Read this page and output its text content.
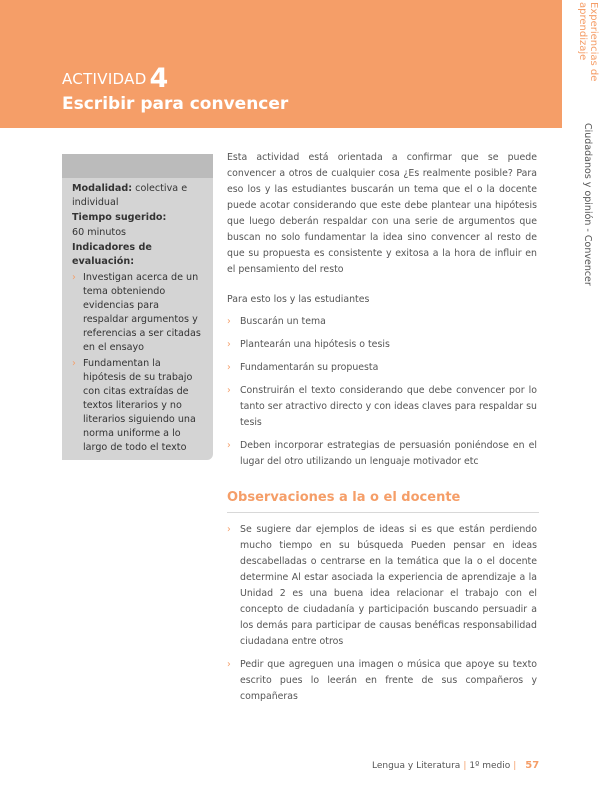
ACTIVIDAD 4
Escribir para convencer
Experiencias de aprendizaje
Ciudadanos y opinión - Convencer
Modalidad: colectiva e individual
Tiempo sugerido:
60 minutos
Indicadores de evaluación:
› Investigan acerca de un tema obteniendo evidencias para respaldar argumentos y referencias a ser citadas en el ensayo
› Fundamentan la hipótesis de su trabajo con citas extraídas de textos literarios y no literarios siguiendo una norma uniforme a lo largo de todo el texto

Esta actividad está orientada a confirmar que se puede convencer a otros de cualquier cosa ¿Es realmente posible? Para eso los y las estudiantes buscarán un tema que el o la docente puede acotar considerando que este debe plantear una hipótesis que luego deberán respaldar con una serie de argumentos que buscan no solo fundamentar la idea sino convencer al resto de que su propuesta es consistente y exitosa a la hora de influir en el pensamiento del resto

Para esto los y las estudiantes

› Buscarán un tema
› Plantearán una hipótesis o tesis
› Fundamentarán su propuesta
› Construirán el texto considerando que debe convencer por lo tanto ser atractivo directo y con ideas claves para respaldar su tesis
› Deben incorporar estrategias de persuasión poniéndose en el lugar del otro utilizando un lenguaje motivador etc
Observaciones a la o el docente
› Se sugiere dar ejemplos de ideas si es que están perdiendo mucho tiempo en su búsqueda Pueden pensar en ideas descabelladas o centrarse en la temática que la o el docente determine Al estar asociada la experiencia de aprendizaje a la Unidad 2 es una buena idea relacionar el trabajo con el concepto de ciudadanía y participación buscando persuadir a los demás para participar de causas benéficas responsabilidad ciudadana entre otros
› Pedir que agreguen una imagen o música que apoye su texto escrito pues lo leerán en frente de sus compañeros y compañeras
Lengua y Literatura | 1º medio | 57
